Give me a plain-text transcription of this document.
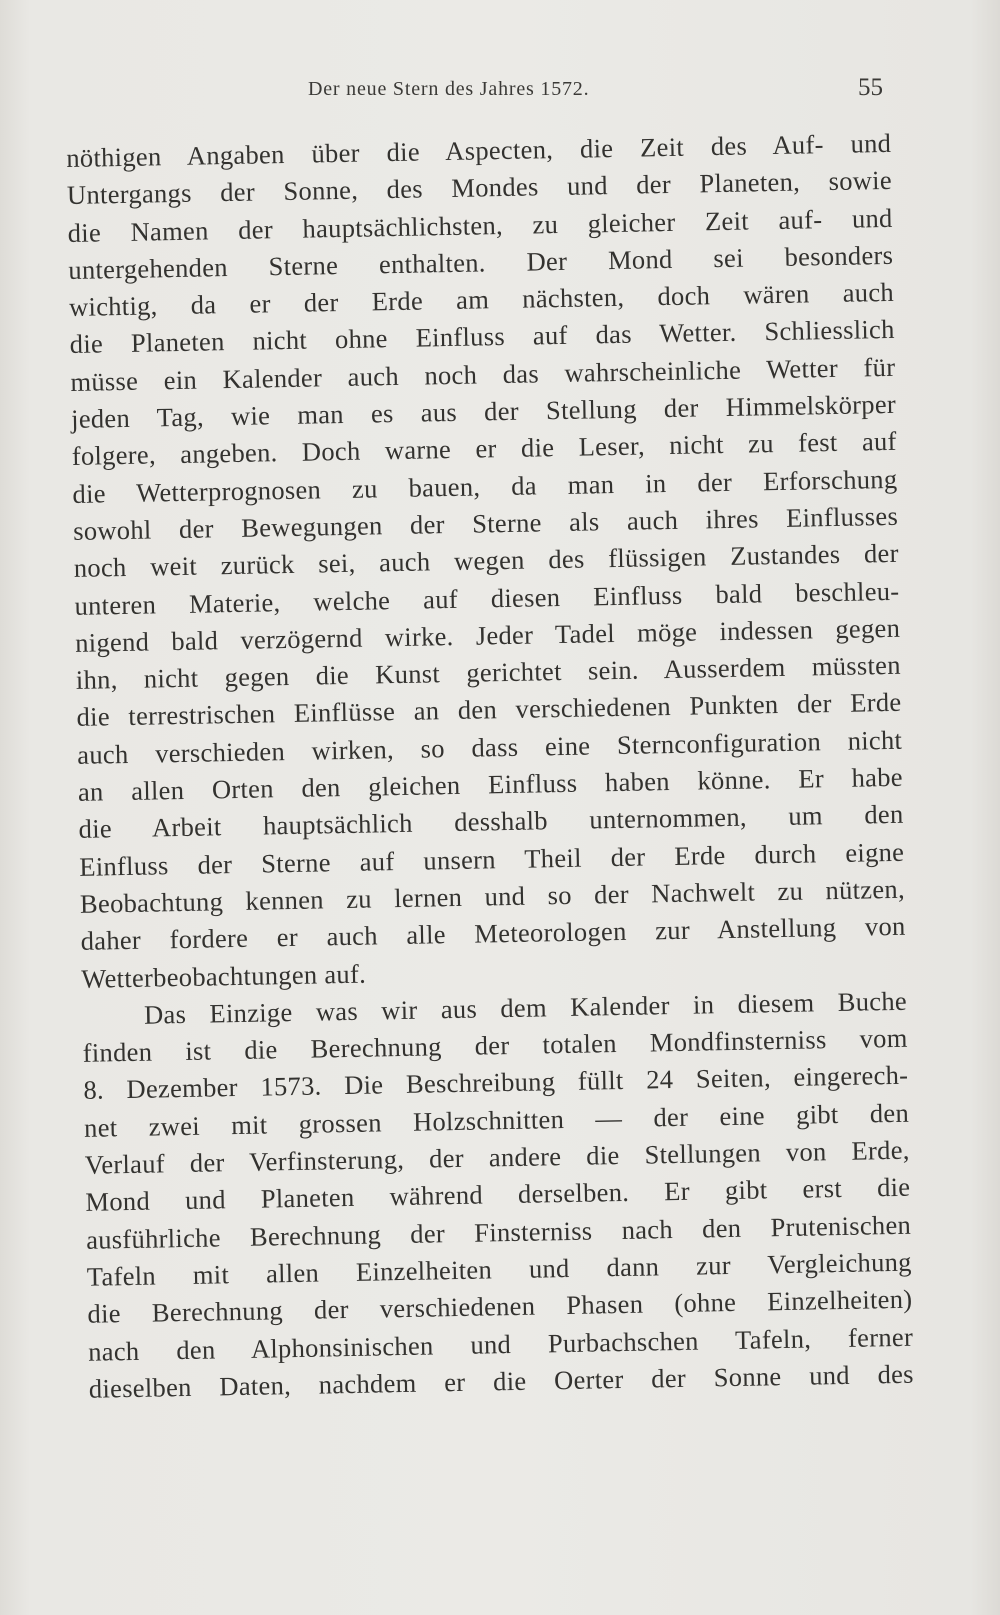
Der neue Stern des Jahres 1572.	55
nöthigen Angaben über die Aspecten, die Zeit des Auf- und
Untergangs der Sonne, des Mondes und der Planeten, sowie
die Namen der hauptsächlichsten, zu gleicher Zeit auf- und
untergehenden Sterne enthalten. Der Mond sei besonders
wichtig, da er der Erde am nächsten, doch wären auch
die Planeten nicht ohne Einfluss auf das Wetter. Schliesslich
müsse ein Kalender auch noch das wahrscheinliche Wetter für
jeden Tag, wie man es aus der Stellung der Himmelskörper
folgere, angeben. Doch warne er die Leser, nicht zu fest auf
die Wetterprognosen zu bauen, da man in der Erforschung
sowohl der Bewegungen der Sterne als auch ihres Einflusses
noch weit zurück sei, auch wegen des flüssigen Zustandes der
unteren Materie, welche auf diesen Einfluss bald beschleu-
nigend bald verzögernd wirke. Jeder Tadel möge indessen gegen
ihn, nicht gegen die Kunst gerichtet sein. Ausserdem müssten
die terrestrischen Einflüsse an den verschiedenen Punkten der Erde
auch verschieden wirken, so dass eine Sternconfiguration nicht
an allen Orten den gleichen Einfluss haben könne. Er habe
die Arbeit hauptsächlich desshalb unternommen, um den
Einfluss der Sterne auf unsern Theil der Erde durch eigne
Beobachtung kennen zu lernen und so der Nachwelt zu nützen,
daher fordere er auch alle Meteorologen zur Anstellung von
Wetterbeobachtungen auf.
Das Einzige was wir aus dem Kalender in diesem Buche
finden ist die Berechnung der totalen Mondfinsterniss vom
8. Dezember 1573. Die Beschreibung füllt 24 Seiten, eingerech-
net zwei mit grossen Holzschnitten — der eine gibt den
Verlauf der Verfinsterung, der andere die Stellungen von Erde,
Mond und Planeten während derselben. Er gibt erst die
ausführliche Berechnung der Finsterniss nach den Prutenischen
Tafeln mit allen Einzelheiten und dann zur Vergleichung
die Berechnung der verschiedenen Phasen (ohne Einzelheiten)
nach den Alphonsinischen und Purbachschen Tafeln, ferner
dieselben Daten, nachdem er die Oerter der Sonne und des
